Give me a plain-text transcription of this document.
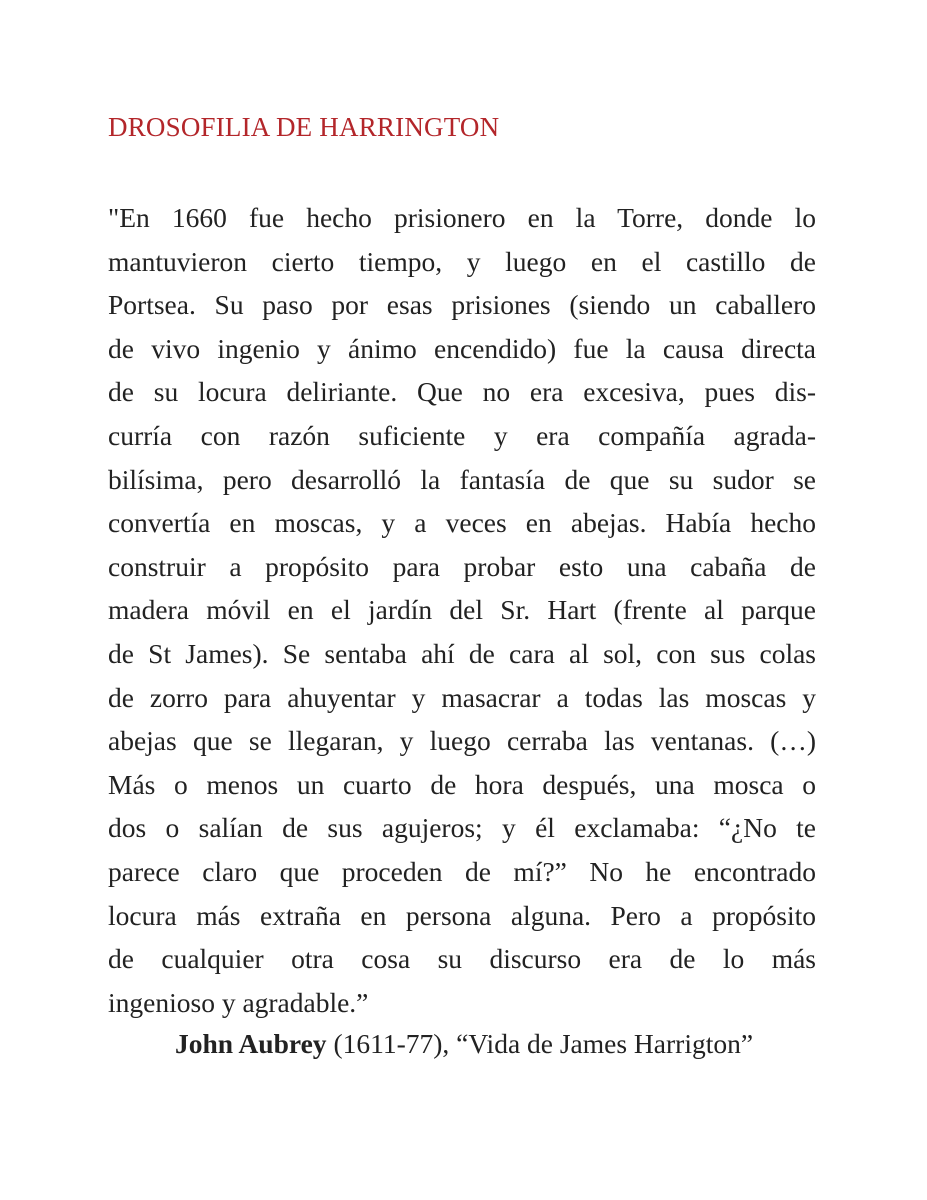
DROSOFILIA DE HARRINGTON
"En 1660 fue hecho prisionero en la Torre, donde lo
mantuvieron cierto tiempo, y luego en el castillo de
Portsea. Su paso por esas prisiones (siendo un caballero
de vivo ingenio y ánimo encendido) fue la causa directa
de su locura deliriante. Que no era excesiva, pues dis-
curría con razón suficiente y era compañía agrada-
bilísima, pero desarrolló la fantasía de que su sudor se
convertía en moscas, y a veces en abejas. Había hecho
construir a propósito para probar esto una cabaña de
madera móvil en el jardín del Sr. Hart (frente al parque
de St James). Se sentaba ahí de cara al sol, con sus colas
de zorro para ahuyentar y masacrar a todas las moscas y
abejas que se llegaran, y luego cerraba las ventanas. (…)
Más o menos un cuarto de hora después, una mosca o
dos o salían de sus agujeros; y él exclamaba: “¿No te
parece claro que proceden de mí?” No he encontrado
locura más extraña en persona alguna. Pero a propósito
de cualquier otra cosa su discurso era de lo más
ingenioso y agradable.”
John Aubrey (1611-77), “Vida de James Harrigton”
